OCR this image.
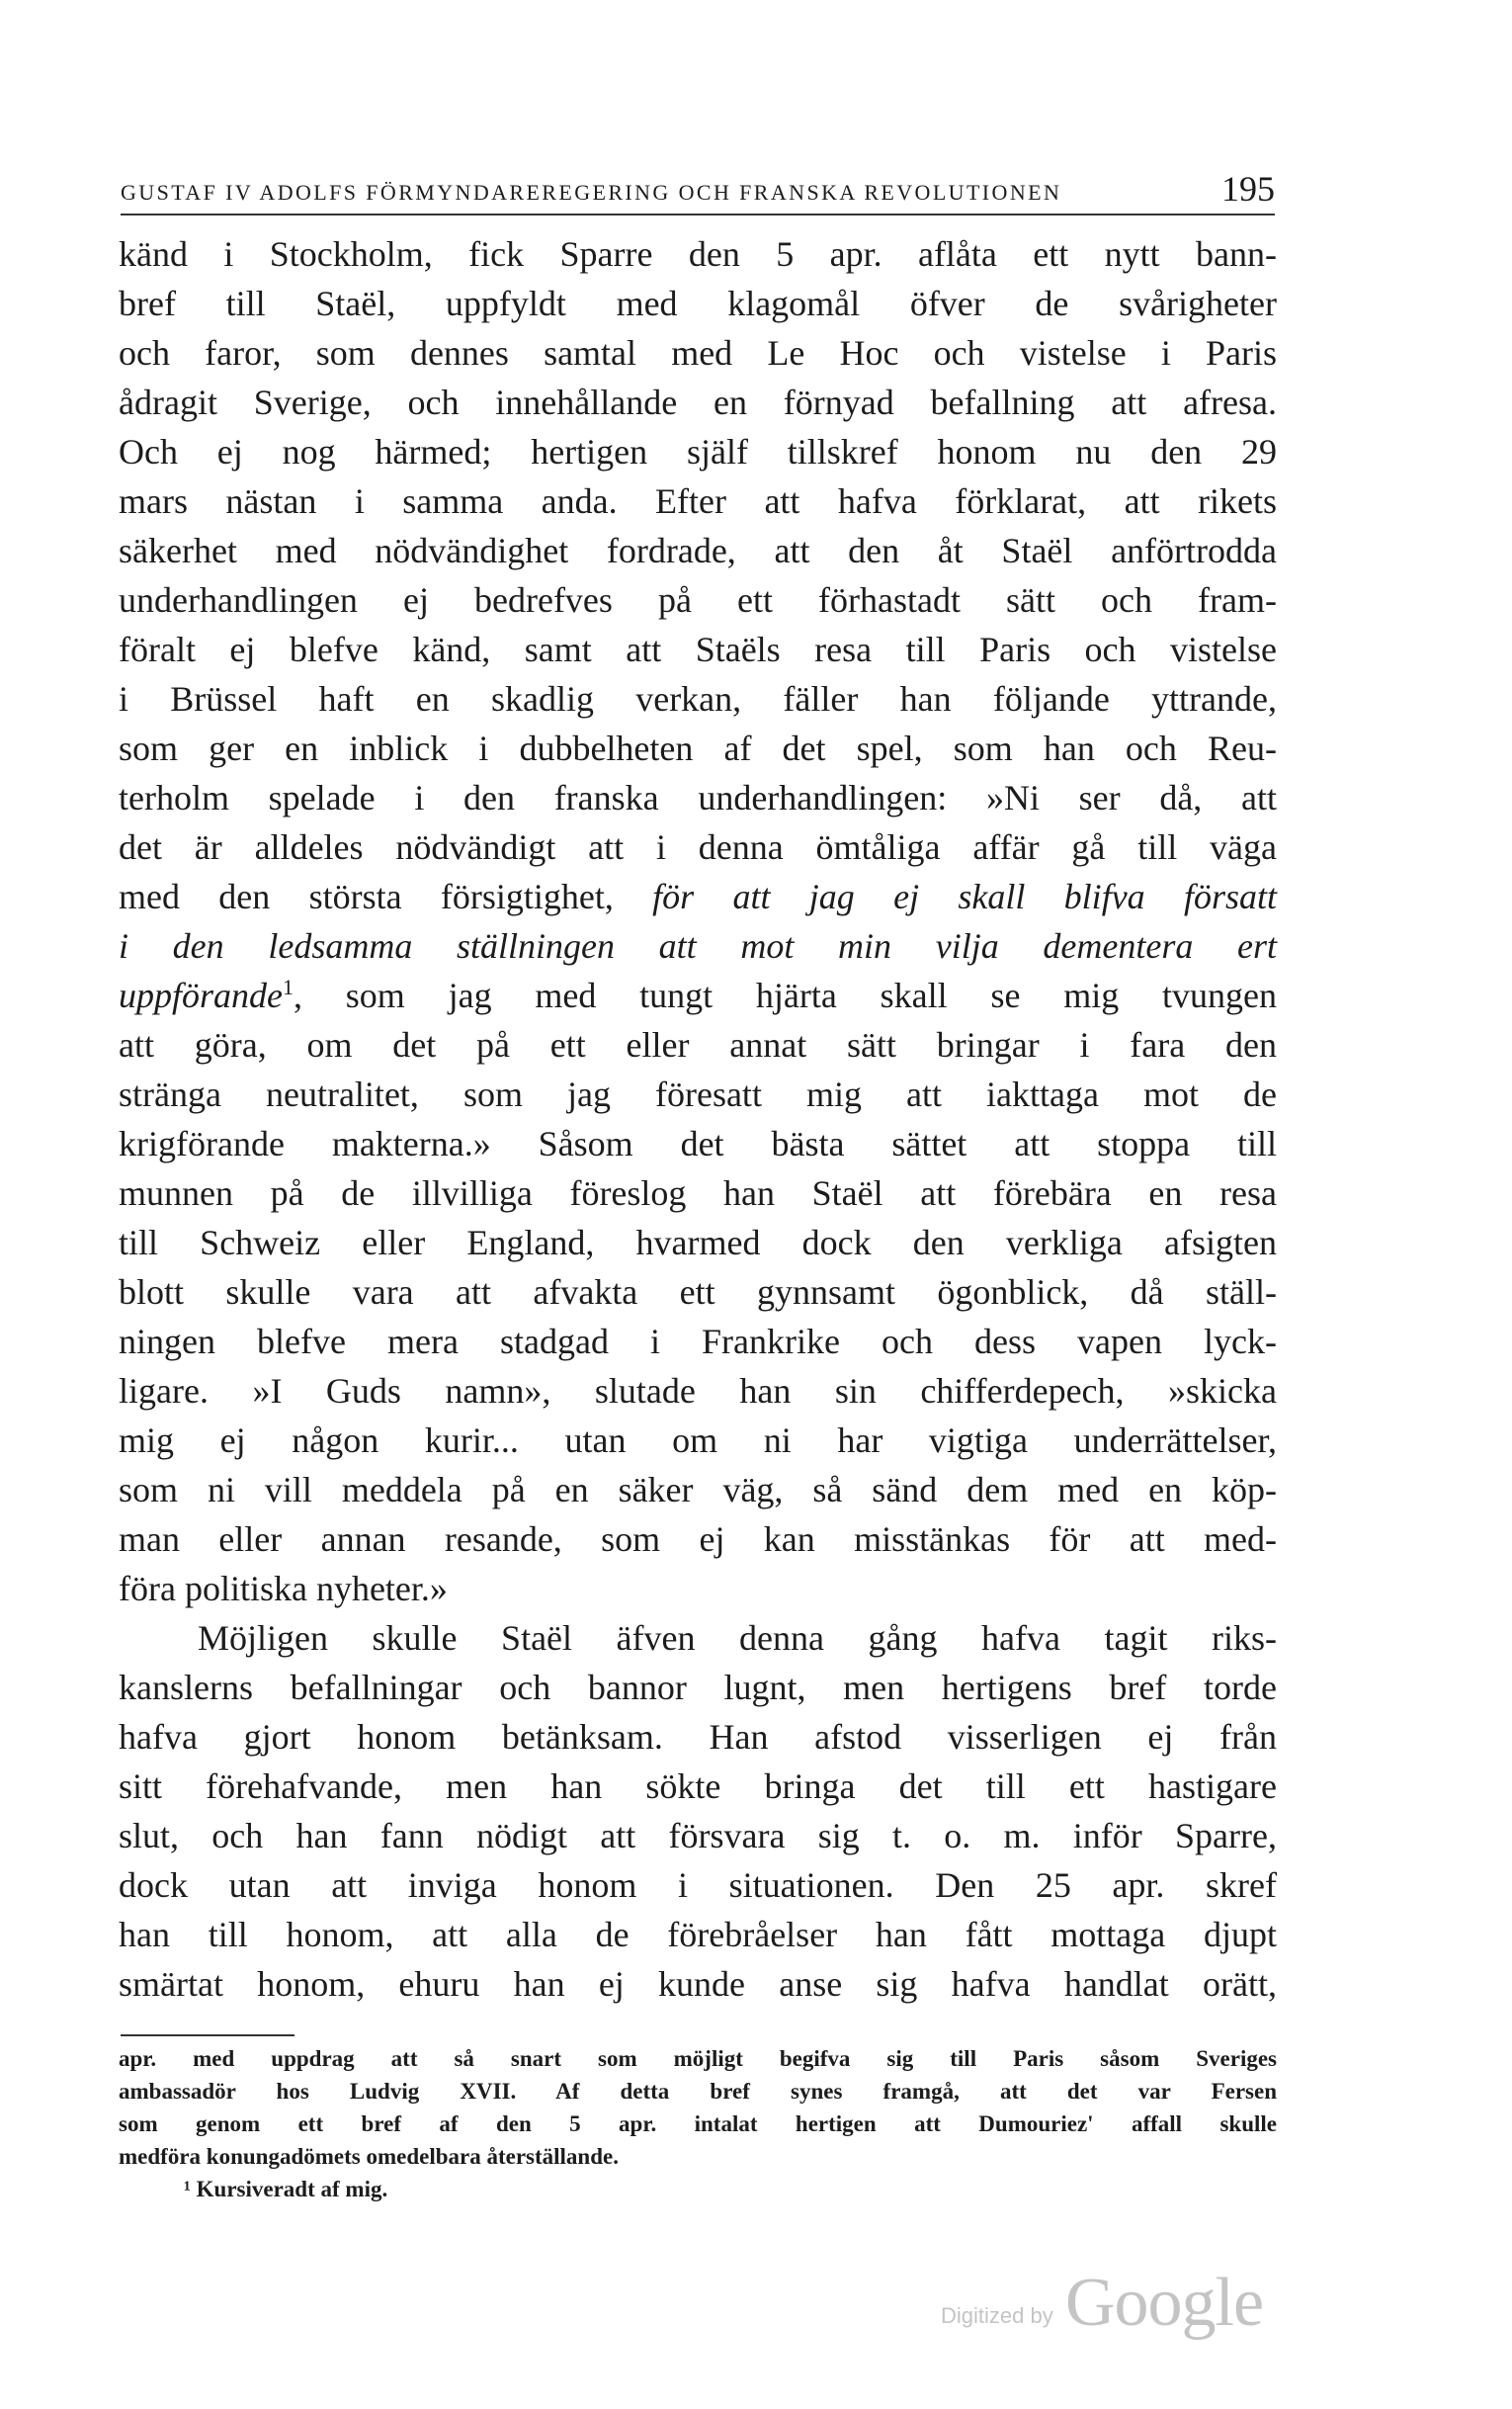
GUSTAF IV ADOLFS FÖRMYNDAREREGERING OCH FRANSKA REVOLUTIONEN	195
känd i Stockholm, fick Sparre den 5 apr. aflåta ett nytt bann-
bref till Staël, uppfyldt med klagomål öfver de svårigheter
och faror, som dennes samtal med Le Hoc och vistelse i Paris
ådragit Sverige, och innehållande en förnyad befallning att afresa.
Och ej nog härmed; hertigen själf tillskref honom nu den 29
mars nästan i samma anda. Efter att hafva förklarat, att rikets
säkerhet med nödvändighet fordrade, att den åt Staël anförtrodda
underhandlingen ej bedrefves på ett förhastadt sätt och fram-
föralt ej blefve känd, samt att Staëls resa till Paris och vistelse
i Brüssel haft en skadlig verkan, fäller han följande yttrande,
som ger en inblick i dubbelheten af det spel, som han och Reu-
terholm spelade i den franska underhandlingen: »Ni ser då, att
det är alldeles nödvändigt att i denna ömtåliga affär gå till väga
med den största försigtighet, för att jag ej skall blifva försatt
i den ledsamma ställningen att mot min vilja dementera ert
uppförande$^1$, som jag med tungt hjärta skall se mig tvungen
att göra, om det på ett eller annat sätt bringar i fara den
stränga neutralitet, som jag föresatt mig att iakttaga mot de
krigförande makterna.» Såsom det bästa sättet att stoppa till
munnen på de illvilliga föreslog han Staël att förebära en resa
till Schweiz eller England, hvarmed dock den verkliga afsigten
blott skulle vara att afvakta ett gynnsamt ögonblick, då ställ-
ningen blefve mera stadgad i Frankrike och dess vapen lyck-
ligare. »I Guds namn», slutade han sin chifferdepech, »skicka
mig ej någon kurir... utan om ni har vigtiga underrättelser,
som ni vill meddela på en säker väg, så sänd dem med en köp-
man eller annan resande, som ej kan misstänkas för att med-
föra politiska nyheter.»
Möjligen skulle Staël äfven denna gång hafva tagit riks-
kanslerns befallningar och bannor lugnt, men hertigens bref torde
hafva gjort honom betänksam. Han afstod visserligen ej från
sitt förehafvande, men han sökte bringa det till ett hastigare
slut, och han fann nödigt att försvara sig t. o. m. inför Sparre,
dock utan att inviga honom i situationen. Den 25 apr. skref
han till honom, att alla de förebråelser han fått mottaga djupt
smärtat honom, ehuru han ej kunde anse sig hafva handlat orätt,
apr. med uppdrag att så snart som möjligt begifva sig till Paris såsom Sveriges
ambassadör hos Ludvig XVII. Af detta bref synes framgå, att det var Fersen
som genom ett bref af den 5 apr. intalat hertigen att Dumouriez' affall skulle
medföra konungadömets omedelbara återställande.
¹ Kursiveradt af mig.
Digitized by Google
